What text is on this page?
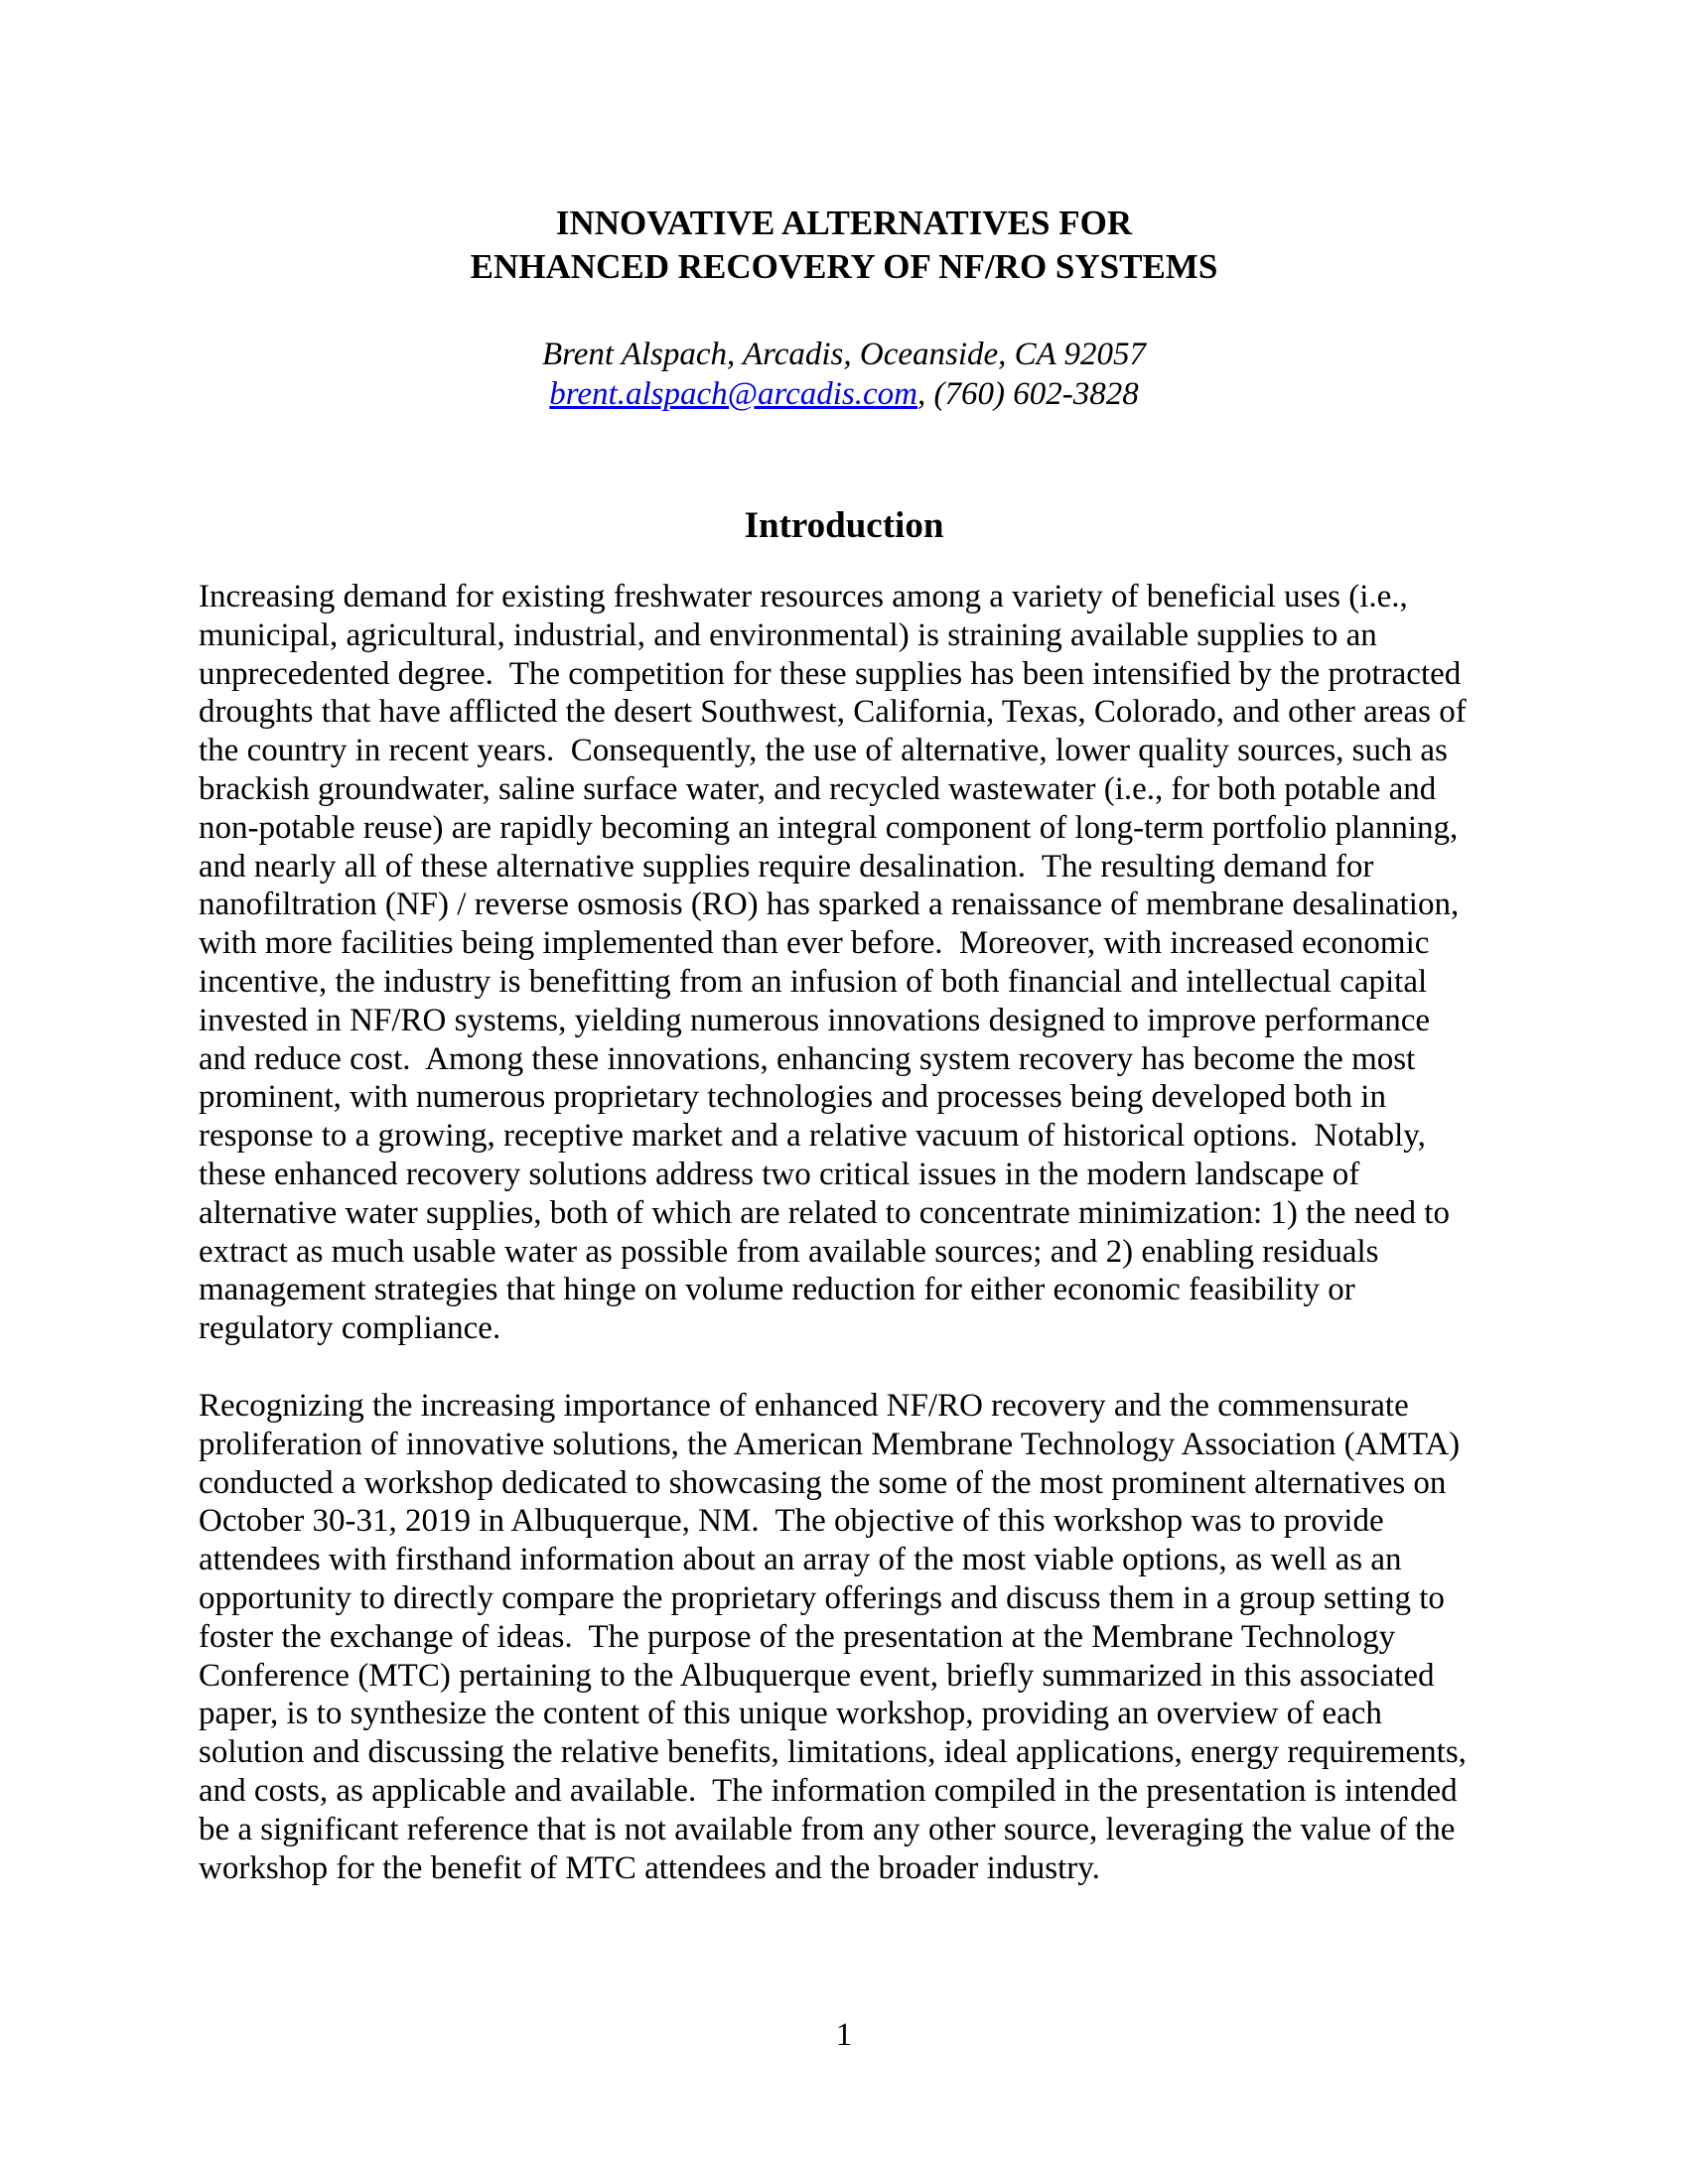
INNOVATIVE ALTERNATIVES FOR
ENHANCED RECOVERY OF NF/RO SYSTEMS
Brent Alspach, Arcadis, Oceanside, CA 92057
brent.alspach@arcadis.com, (760) 602-3828
Introduction
Increasing demand for existing freshwater resources among a variety of beneficial uses (i.e.,
municipal, agricultural, industrial, and environmental) is straining available supplies to an
unprecedented degree.  The competition for these supplies has been intensified by the protracted
droughts that have afflicted the desert Southwest, California, Texas, Colorado, and other areas of
the country in recent years.  Consequently, the use of alternative, lower quality sources, such as
brackish groundwater, saline surface water, and recycled wastewater (i.e., for both potable and
non-potable reuse) are rapidly becoming an integral component of long-term portfolio planning,
and nearly all of these alternative supplies require desalination.  The resulting demand for
nanofiltration (NF) / reverse osmosis (RO) has sparked a renaissance of membrane desalination,
with more facilities being implemented than ever before.  Moreover, with increased economic
incentive, the industry is benefitting from an infusion of both financial and intellectual capital
invested in NF/RO systems, yielding numerous innovations designed to improve performance
and reduce cost.  Among these innovations, enhancing system recovery has become the most
prominent, with numerous proprietary technologies and processes being developed both in
response to a growing, receptive market and a relative vacuum of historical options.  Notably,
these enhanced recovery solutions address two critical issues in the modern landscape of
alternative water supplies, both of which are related to concentrate minimization: 1) the need to
extract as much usable water as possible from available sources; and 2) enabling residuals
management strategies that hinge on volume reduction for either economic feasibility or
regulatory compliance.
Recognizing the increasing importance of enhanced NF/RO recovery and the commensurate
proliferation of innovative solutions, the American Membrane Technology Association (AMTA)
conducted a workshop dedicated to showcasing the some of the most prominent alternatives on
October 30-31, 2019 in Albuquerque, NM.  The objective of this workshop was to provide
attendees with firsthand information about an array of the most viable options, as well as an
opportunity to directly compare the proprietary offerings and discuss them in a group setting to
foster the exchange of ideas.  The purpose of the presentation at the Membrane Technology
Conference (MTC) pertaining to the Albuquerque event, briefly summarized in this associated
paper, is to synthesize the content of this unique workshop, providing an overview of each
solution and discussing the relative benefits, limitations, ideal applications, energy requirements,
and costs, as applicable and available.  The information compiled in the presentation is intended
be a significant reference that is not available from any other source, leveraging the value of the
workshop for the benefit of MTC attendees and the broader industry.
1
